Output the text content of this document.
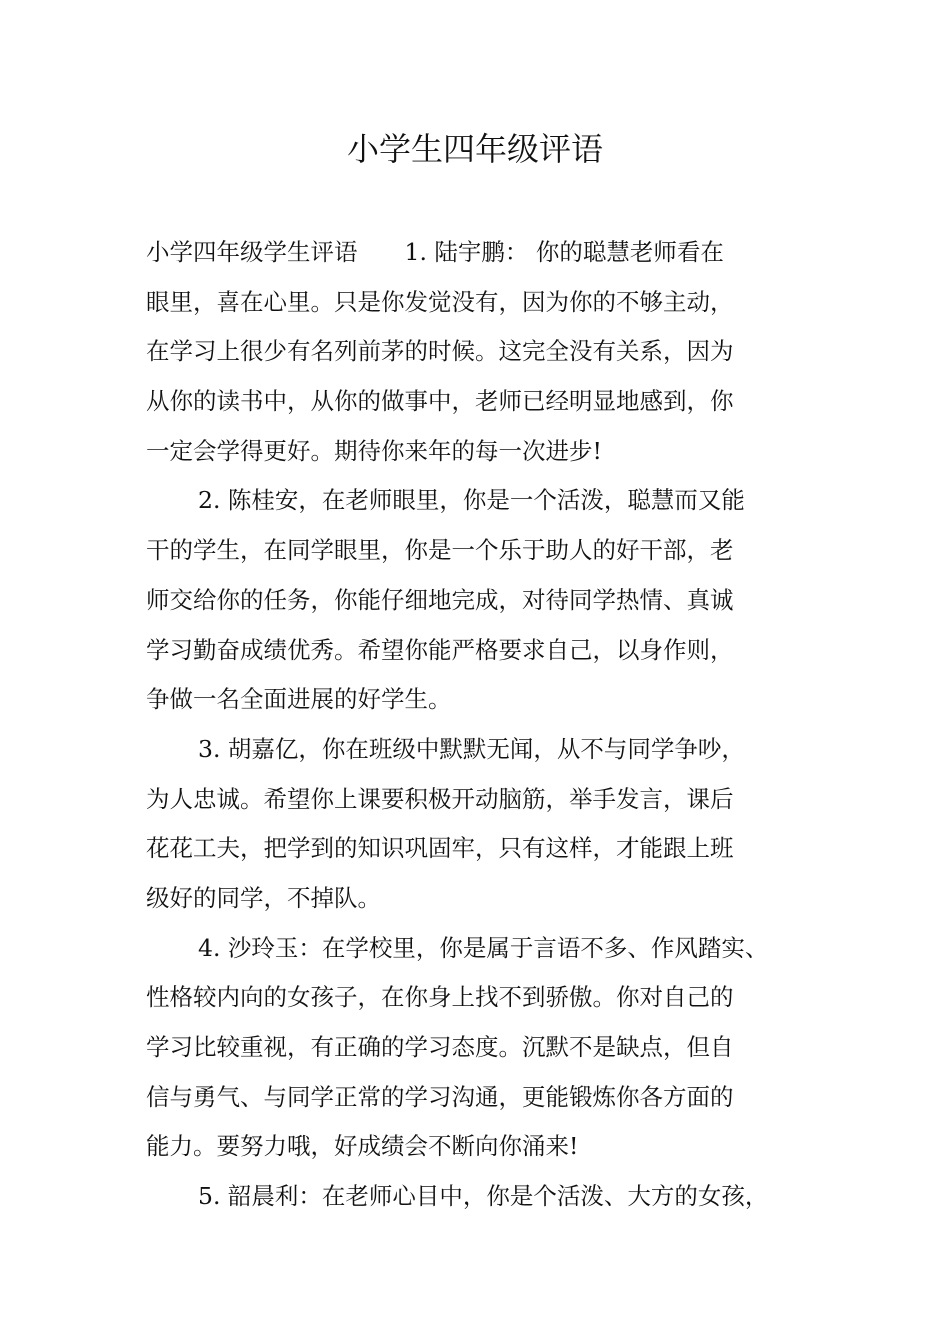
小学生四年级评语
小学四年级学生评语　　1. 陆宇鹏： 你的聪慧老师看在
眼里，喜在心里。只是你发觉没有，因为你的不够主动，
在学习上很少有名列前茅的时候。这完全没有关系，因为
从你的读书中，从你的做事中，老师已经明显地感到，你
一定会学得更好。期待你来年的每一次进步!
2. 陈桂安，在老师眼里，你是一个活泼，聪慧而又能
干的学生，在同学眼里，你是一个乐于助人的好干部，老
师交给你的任务，你能仔细地完成，对待同学热情、真诚
学习勤奋成绩优秀。希望你能严格要求自己，以身作则，
争做一名全面进展的好学生。
3. 胡嘉亿，你在班级中默默无闻，从不与同学争吵，
为人忠诚。希望你上课要积极开动脑筋，举手发言，课后
花花工夫，把学到的知识巩固牢，只有这样，才能跟上班
级好的同学，不掉队。
4. 沙玲玉：在学校里，你是属于言语不多、作风踏实、
性格较内向的女孩子，在你身上找不到骄傲。你对自己的
学习比较重视，有正确的学习态度。沉默不是缺点，但自
信与勇气、与同学正常的学习沟通，更能锻炼你各方面的
能力。要努力哦，好成绩会不断向你涌来!
5. 韶晨利：在老师心目中，你是个活泼、大方的女孩，
